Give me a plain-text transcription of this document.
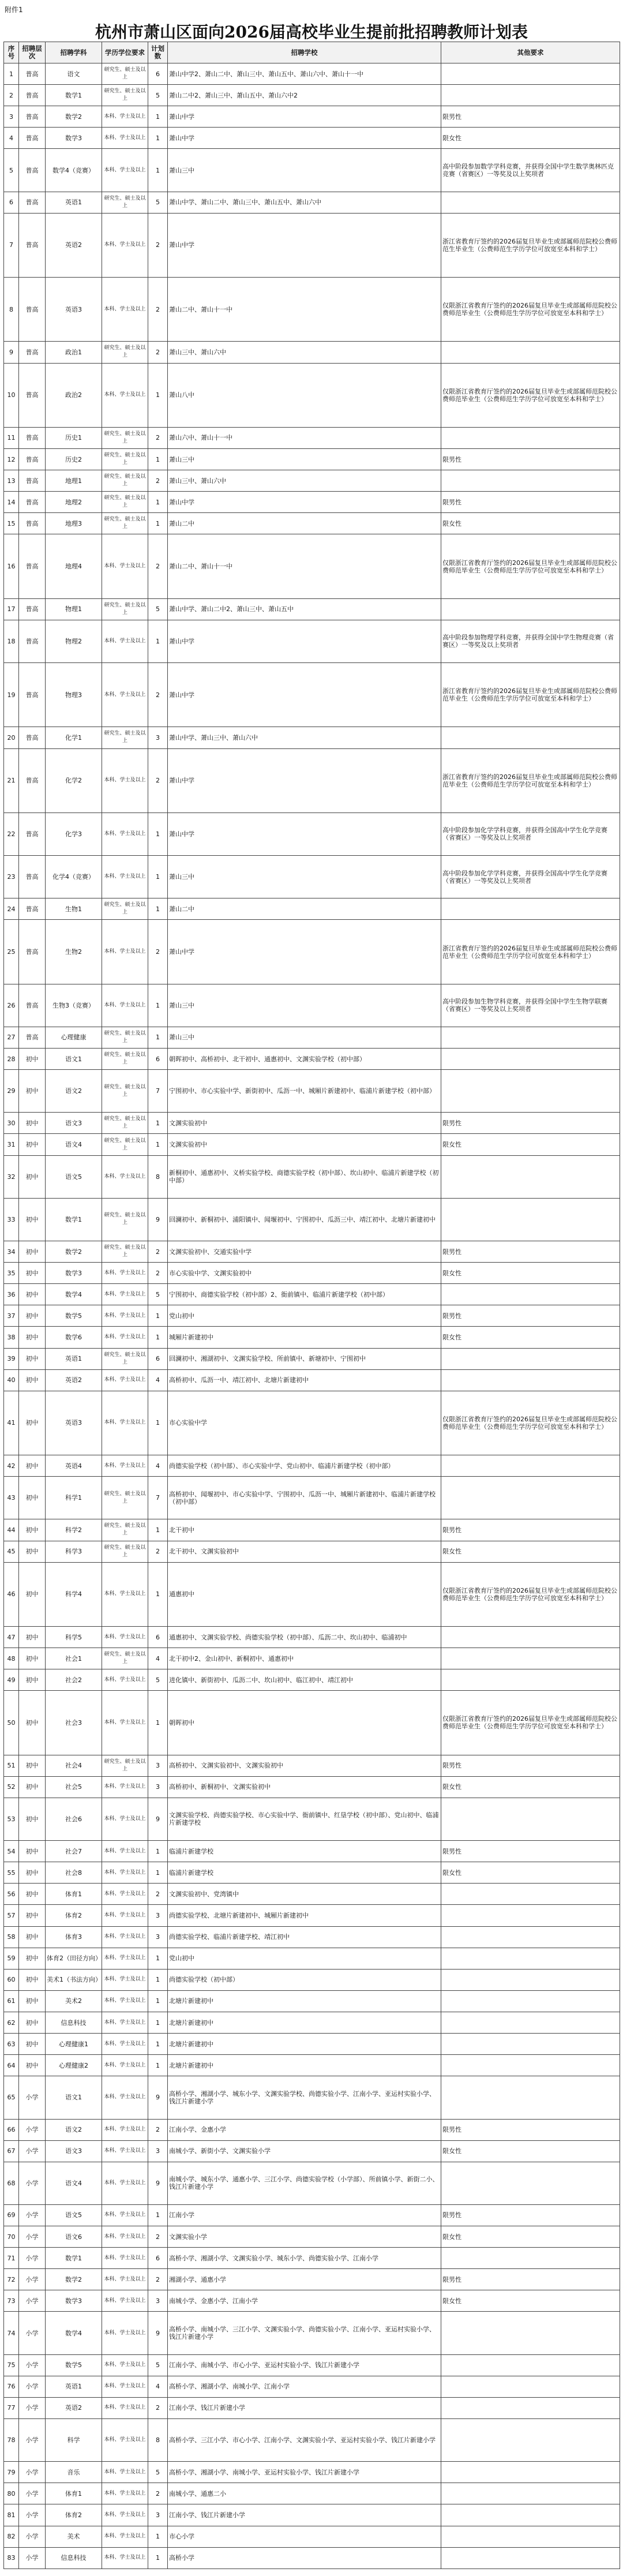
附件1
杭州市萧山区面向2026届高校毕业生提前批招聘教师计划表
序号	招聘层次	招聘学科	学历学位要求	计划数	招聘学校	其他要求
1	普高	语文	研究生、硕士及以上	6	萧山中学2、萧山二中、萧山三中、萧山五中、萧山六中、萧山十一中	
2	普高	数学1	研究生、硕士及以上	5	萧山二中2、萧山三中、萧山五中、萧山六中2	
3	普高	数学2	本科、学士及以上	1	萧山中学	限男性
4	普高	数学3	本科、学士及以上	1	萧山中学	限女性
5	普高	数学4（竞赛）	本科、学士及以上	1	萧山三中	高中阶段参加数学学科竞赛，并获得全国中学生数学奥林匹克竞赛（省赛区）一等奖及以上奖项者
6	普高	英语1	研究生、硕士及以上	5	萧山中学、萧山二中、萧山三中、萧山五中、萧山六中	
7	普高	英语2	本科、学士及以上	2	萧山中学	浙江省教育厅签约的2026届复旦毕业生或部属师范院校公费师范生毕业生（公费师范生学历学位可放宽至本科和学士）
8	普高	英语3	本科、学士及以上	2	萧山二中、萧山十一中	仅限浙江省教育厅签约的2026届复旦毕业生或部属师范院校公费师范毕业生（公费师范生学历学位可放宽至本科和学士）
9	普高	政治1	研究生、硕士及以上	2	萧山三中、萧山六中	
10	普高	政治2	本科、学士及以上	1	萧山八中	仅限浙江省教育厅签约的2026届复旦毕业生或部属师范院校公费师范毕业生（公费师范生学历学位可放宽至本科和学士）
11	普高	历史1	研究生、硕士及以上	2	萧山六中、萧山十一中	
12	普高	历史2	研究生、硕士及以上	1	萧山三中	限男性
13	普高	地理1	研究生、硕士及以上	2	萧山三中、萧山六中	
14	普高	地理2	研究生、硕士及以上	1	萧山中学	限男性
15	普高	地理3	研究生、硕士及以上	1	萧山二中	限女性
16	普高	地理4	本科、学士及以上	2	萧山二中、萧山十一中	仅限浙江省教育厅签约的2026届复旦毕业生或部属师范院校公费师范毕业生（公费师范生学历学位可放宽至本科和学士）
17	普高	物理1	研究生、硕士及以上	5	萧山中学、萧山二中2、萧山三中、萧山五中	
18	普高	物理2	本科、学士及以上	1	萧山中学	高中阶段参加物理学科竞赛，并获得全国中学生物理竞赛（省赛区）一等奖及以上奖项者
19	普高	物理3	本科、学士及以上	2	萧山中学	浙江省教育厅签约的2026届复旦毕业生或部属师范院校公费师范毕业生（公费师范生学历学位可放宽至本科和学士）
20	普高	化学1	研究生、硕士及以上	3	萧山中学、萧山三中、萧山六中	
21	普高	化学2	本科、学士及以上	2	萧山中学	浙江省教育厅签约的2026届复旦毕业生或部属师范院校公费师范毕业生（公费师范生学历学位可放宽至本科和学士）
22	普高	化学3	本科、学士及以上	1	萧山中学	高中阶段参加化学学科竞赛，并获得全国高中学生化学竞赛（省赛区）一等奖及以上奖项者
23	普高	化学4（竞赛）	本科、学士及以上	1	萧山三中	高中阶段参加化学学科竞赛，并获得全国高中学生化学竞赛（省赛区）一等奖及以上奖项者
24	普高	生物1	研究生、硕士及以上	1	萧山二中	
25	普高	生物2	本科、学士及以上	2	萧山中学	浙江省教育厅签约的2026届复旦毕业生或部属师范院校公费师范毕业生（公费师范生学历学位可放宽至本科和学士）
26	普高	生物3（竞赛）	本科、学士及以上	1	萧山三中	高中阶段参加生物学科竞赛，并获得全国中学生生物学联赛（省赛区）一等奖及以上奖项者
27	普高	心理健康	研究生、硕士及以上	1	萧山三中	
28	初中	语文1	研究生、硕士及以上	6	朝晖初中、高桥初中、北干初中、通惠初中、文渊实验学校（初中部）	
29	初中	语文2	研究生、硕士及以上	7	宁围初中、市心实验中学、新街初中、瓜沥一中、城厢片新建初中、临浦片新建学校（初中部）	
30	初中	语文3	研究生、硕士及以上	1	文渊实验初中	限男性
31	初中	语文4	研究生、硕士及以上	1	文渊实验初中	限女性
32	初中	语文5	本科、学士及以上	8	新桐初中、通惠初中、义桥实验学校、商德实验学校（初中部）、坎山初中、临浦片新建学校（初中部）	
33	初中	数学1	研究生、硕士及以上	9	回澜初中、新桐初中、浦阳镇中、闻堰初中、宁围初中、瓜沥三中、靖江初中、北塘片新建初中	
34	初中	数学2	研究生、硕士及以上	2	文渊实验初中、交通实验中学	限男性
35	初中	数学3	本科、学士及以上	2	市心实验中学、文渊实验初中	限女性
36	初中	数学4	本科、学士及以上	5	宁围初中、商德实验学校（初中部）2、衙前镇中、临浦片新建学校（初中部）	
37	初中	数学5	本科、学士及以上	1	党山初中	限男性
38	初中	数学6	本科、学士及以上	1	城厢片新建初中	限女性
39	初中	英语1	研究生、硕士及以上	6	回澜初中、湘湖初中、文渊实验学校、所前镇中、新塘初中、宁围初中	
40	初中	英语2	本科、学士及以上	4	高桥初中、瓜沥一中、靖江初中、北塘片新建初中	
41	初中	英语3	本科、学士及以上	1	市心实验中学	仅限浙江省教育厅签约的2026届复旦毕业生或部属师范院校公费师范毕业生（公费师范生学历学位可放宽至本科和学士）
42	初中	英语4	本科、学士及以上	4	尚德实验学校（初中部）、市心实验中学、党山初中、临浦片新建学校（初中部）	
43	初中	科学1	研究生、硕士及以上	7	高桥初中、闻堰初中、市心实验中学、宁围初中、瓜沥一中、城厢片新建初中、临浦片新建学校（初中部）	
44	初中	科学2	研究生、硕士及以上	1	北干初中	限男性
45	初中	科学3	研究生、硕士及以上	2	北干初中、文渊实验初中	限女性
46	初中	科学4	本科、学士及以上	1	通惠初中	仅限浙江省教育厅签约的2026届复旦毕业生或部属师范院校公费师范毕业生（公费师范生学历学位可放宽至本科和学士）
47	初中	科学5	本科、学士及以上	6	通惠初中、文渊实验学校、尚德实验学校（初中部）、瓜沥二中、坎山初中、临浦初中	
48	初中	社会1	研究生、硕士及以上	4	北干初中2、金山初中、新桐初中、通惠初中	
49	初中	社会2	本科、学士及以上	5	进化镇中、新街初中、瓜沥二中、坎山初中、临江初中、靖江初中	
50	初中	社会3	本科、学士及以上	1	朝晖初中	仅限浙江省教育厅签约的2026届复旦毕业生或部属师范院校公费师范毕业生（公费师范生学历学位可放宽至本科和学士）
51	初中	社会4	研究生、硕士及以上	3	高桥初中、文渊实验初中、文渊实验初中	限男性
52	初中	社会5	本科、学士及以上	3	高桥初中、新桐初中、文渊实验初中	限女性
53	初中	社会6	本科、学士及以上	9	文渊实验学校、尚德实验学校、市心实验中学、衙前镇中、红垦学校（初中部）、党山初中、临浦片新建学校	
54	初中	社会7	本科、学士及以上	1	临浦片新建学校	限男性
55	初中	社会8	本科、学士及以上	1	临浦片新建学校	限女性
56	初中	体育1	本科、学士及以上	2	文渊实验初中、党湾镇中	
57	初中	体育2	本科、学士及以上	3	尚德实验学校、北塘片新建初中、城厢片新建初中	
58	初中	体育3	本科、学士及以上	3	尚德实验学校、临浦片新建学校、靖江初中	
59	初中	体育2（田径方向）	本科、学士及以上	1	党山初中	
60	初中	美术1（书法方向）	本科、学士及以上	1	尚德实验学校（初中部）	
61	初中	美术2	本科、学士及以上	1	北塘片新建初中	
62	初中	信息科技	本科、学士及以上	1	北塘片新建初中	
63	初中	心理健康1	本科、学士及以上	1	北塘片新建初中	
64	初中	心理健康2	本科、学士及以上	1	北塘片新建初中	
65	小学	语文1	本科、学士及以上	9	高桥小学、湘湖小学、城东小学、文渊实验学校、尚德实验小学、江南小学、亚运村实验小学、钱江片新建小学	
66	小学	语文2	本科、学士及以上	2	江南小学、金惠小学	限男性
67	小学	语文3	本科、学士及以上	3	南城小学、新街小学、文渊实验小学	限女性
68	小学	语文4	本科、学士及以上	9	南城小学、城东小学、通惠小学、三江小学、尚德实验学校（小学部）、所前镇小学、新街二小、钱江片新建小学	
69	小学	语文5	本科、学士及以上	1	江南小学	限男性
70	小学	语文6	本科、学士及以上	2	文渊实验小学	限女性
71	小学	数学1	本科、学士及以上	6	高桥小学、湘湖小学、文渊实验小学、城东小学、尚德实验小学、江南小学	
72	小学	数学2	本科、学士及以上	2	湘湖小学、通惠小学	限男性
73	小学	数学3	本科、学士及以上	3	南城小学、金惠小学、江南小学	限女性
74	小学	数学4	本科、学士及以上	9	高桥小学、南城小学、三江小学、文渊实验小学、尚德实验小学、江南小学、亚运村实验小学、钱江片新建小学	
75	小学	数学5	本科、学士及以上	5	江南小学、南城小学、市心小学、亚运村实验小学、钱江片新建小学	
76	小学	英语1	本科、学士及以上	4	高桥小学、湘湖小学、南城小学、江南小学	
77	小学	英语2	本科、学士及以上	2	江南小学、钱江片新建小学	
78	小学	科学	本科、学士及以上	8	高桥小学、三江小学、市心小学、江南小学、文渊实验小学、亚运村实验小学、钱江片新建小学	
79	小学	音乐	本科、学士及以上	5	高桥小学、湘湖小学、南城小学、亚运村实验小学、钱江片新建小学	
80	小学	体育1	本科、学士及以上	2	南城小学、通惠二小	
81	小学	体育2	本科、学士及以上	3	江南小学、钱江片新建小学	
82	小学	美术	本科、学士及以上	1	市心小学	
83	小学	信息科技	本科、学士及以上	1	高桥小学	
